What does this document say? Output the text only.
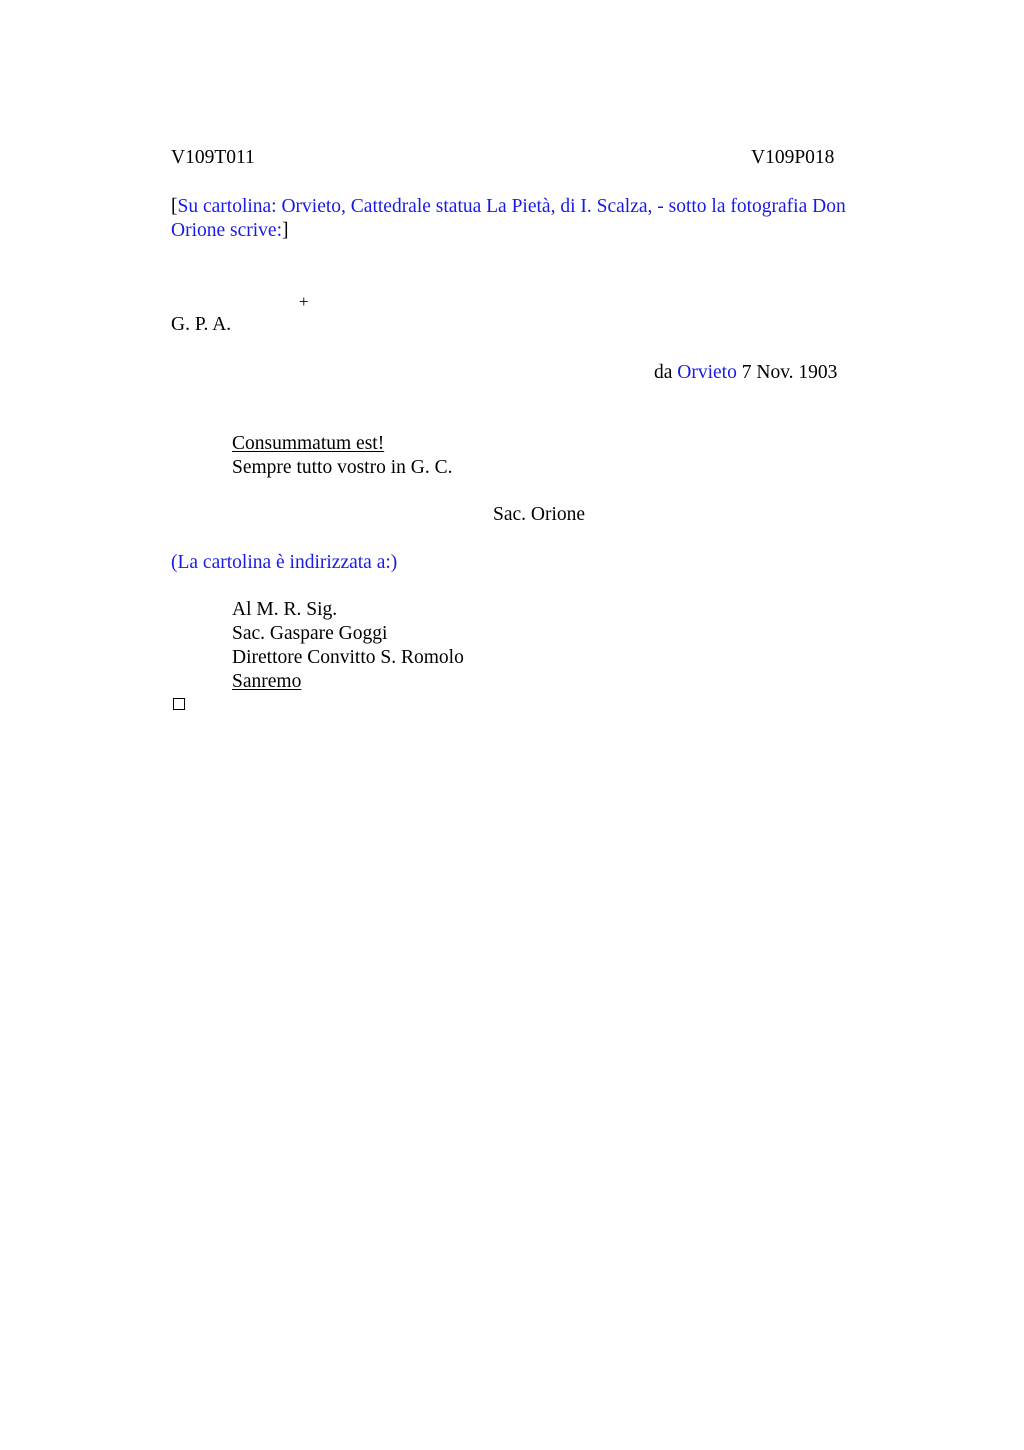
V109T011	V109P018
[Su cartolina: Orvieto, Cattedrale statua La Pietà, di I. Scalza, - sotto la fotografia Don Orione scrive:]
+
G. P. A.
da Orvieto 7 Nov. 1903
Consummatum est!
Sempre tutto vostro in G. C.
Sac. Orione
(La cartolina è indirizzata a:)
Al M. R. Sig.
Sac. Gaspare Goggi
Direttore Convitto S. Romolo
Sanremo
